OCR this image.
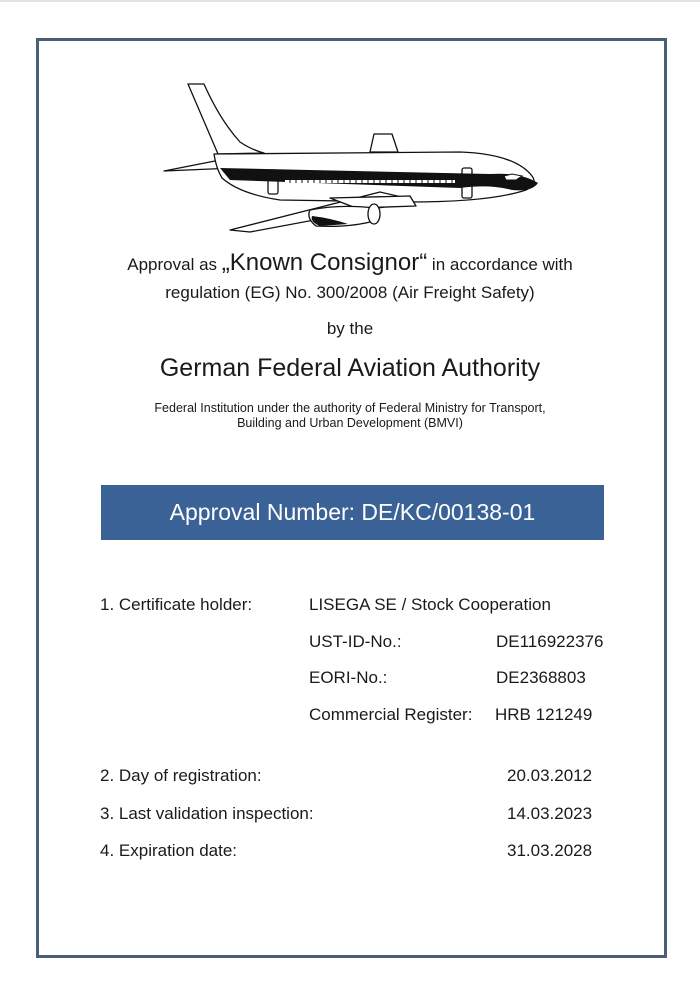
Approval as „Known Consignor“ in accordance with
regulation (EG) No. 300/2008 (Air Freight Safety)
by the
German Federal Aviation Authority
Federal Institution under the authority of Federal Ministry for Transport,
Building and Urban Development (BMVI)
Approval Number: DE/KC/00138-01
1. Certificate holder:	LISEGA SE / Stock Cooperation
UST-ID-No.:	DE116922376
EORI-No.:	DE2368803
Commercial Register: HRB 121249
2. Day of registration:	20.03.2012
3. Last validation inspection:	14.03.2023
4. Expiration date:	31.03.2028
